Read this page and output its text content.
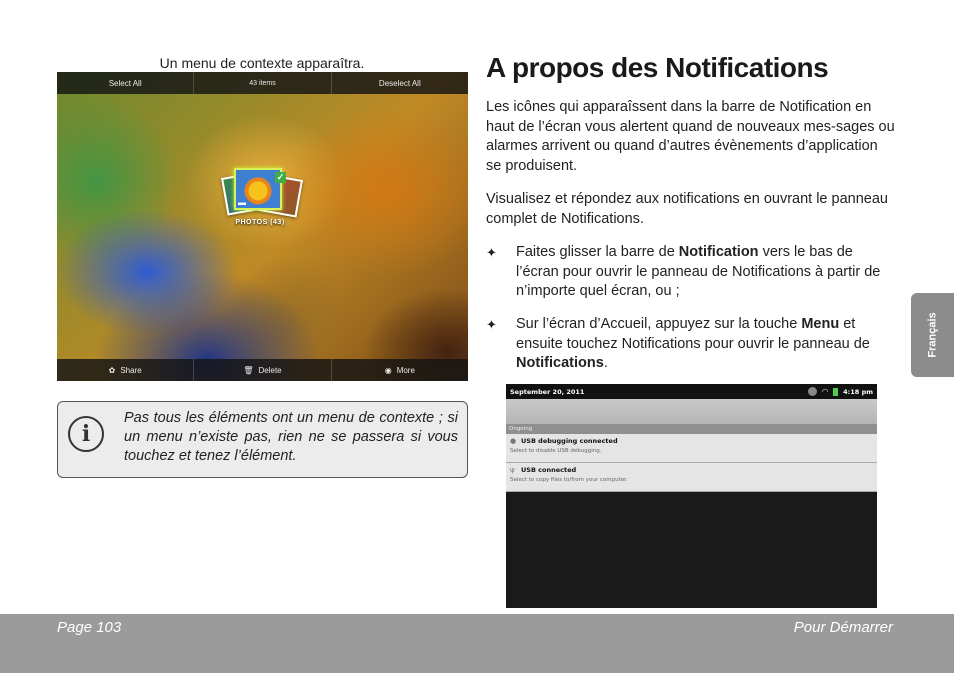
Un menu de contexte apparaîtra.
Select All	43 items	Deselect All
✓
▬
PHOTOS (43)
✿ Share	🗑 Delete	◉ More
i
Pas tous les éléments ont un menu de contexte ; si un menu n’existe pas, rien ne se passera si vous touchez et tenez l’élément.
A propos des Notifications
Les icônes qui apparaîssent dans la barre de Notification en haut de l’écran vous alertent quand de nouveaux mes-sages ou alarmes arrivent ou quand d’autres évènements d’application se produisent.
Visualisez et répondez aux notifications en ouvrant le panneau complet de Notifications.
✦ Faites glisser la barre de Notification vers le bas de l’écran pour ouvrir le panneau de Notifications à partir de n’importe quel écran, ou ;
✦ Sur l’écran d’Accueil, appuyez sur la touche Menu et ensuite touchez Notifications pour ouvrir le panneau de Notifications.
September 20, 2011	◠ 4:18 pm
Ongoing
● USB debugging connected
Select to disable USB debugging.
ψ USB connected
Select to copy files to/from your computer.
Français
Page 103	Pour Démarrer
